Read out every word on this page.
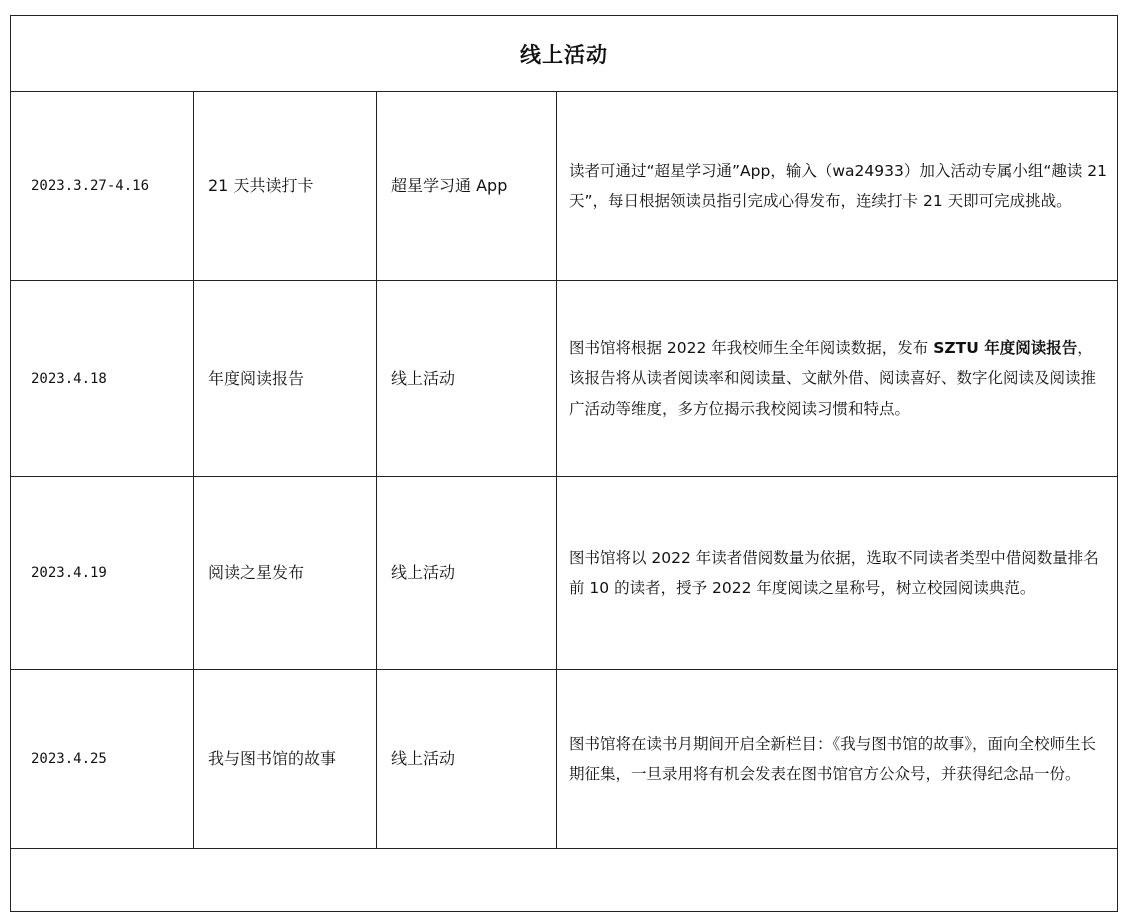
线上活动			
2023.3.27-4.16	21 天共读打卡	超星学习通 App	读者可通过“超星学习通”App，输入（wa24933）加入活动专属小组“趣读 21 天”，每日根据领读员指引完成心得发布，连续打卡 21 天即可完成挑战。
2023.4.18	年度阅读报告	线上活动	图书馆将根据 2022 年我校师生全年阅读数据，发布 SZTU 年度阅读报告，该报告将从读者阅读率和阅读量、文献外借、阅读喜好、数字化阅读及阅读推广活动等维度，多方位揭示我校阅读习惯和特点。
2023.4.19	阅读之星发布	线上活动	图书馆将以 2022 年读者借阅数量为依据，选取不同读者类型中借阅数量排名前 10 的读者，授予 2022 年度阅读之星称号，树立校园阅读典范。
2023.4.25	我与图书馆的故事	线上活动	图书馆将在读书月期间开启全新栏目：《我与图书馆的故事》，面向全校师生长期征集，一旦录用将有机会发表在图书馆官方公众号，并获得纪念品一份。
